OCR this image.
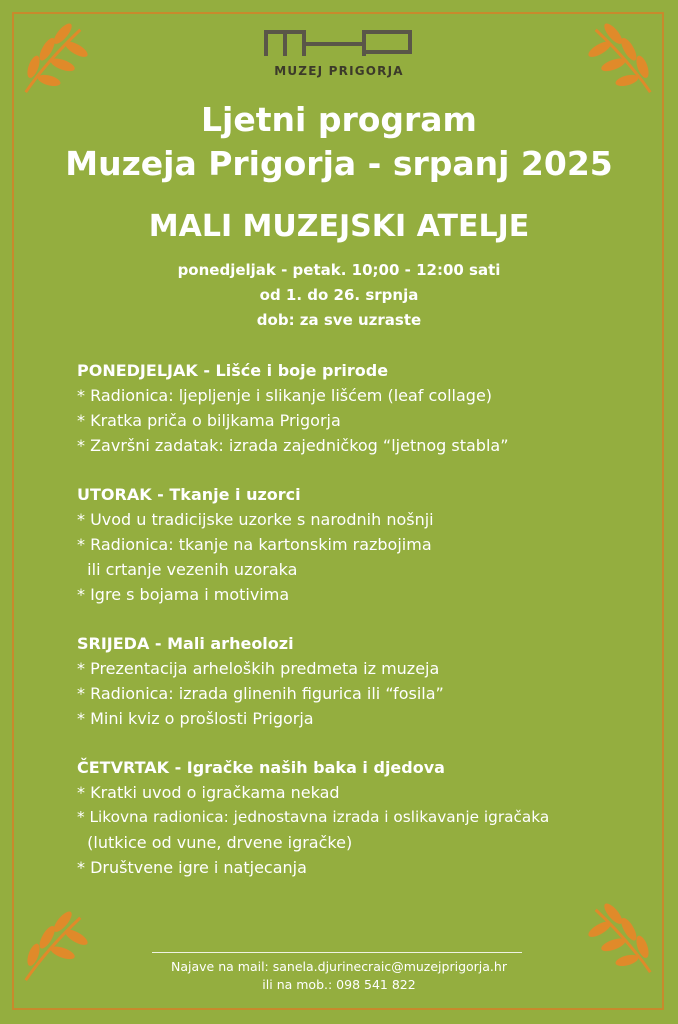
MUZEJ PRIGORJA
Ljetni program
Muzeja Prigorja - srpanj 2025
MALI MUZEJSKI ATELJE
ponedjeljak - petak. 10;00 - 12:00 sati
od 1. do 26. srpnja
dob: za sve uzraste
PONEDJELJAK - Lišće i boje prirode
* Radionica: ljepljenje i slikanje lišćem (leaf collage)
* Kratka priča o biljkama Prigorja
* Završni zadatak: izrada zajedničkog “ljetnog stabla”
UTORAK - Tkanje i uzorci
* Uvod u tradicijske uzorke s narodnih nošnji
* Radionica: tkanje na kartonskim razbojima
ili crtanje vezenih uzoraka
* Igre s bojama i motivima
SRIJEDA - Mali arheolozi
* Prezentacija arheloških predmeta iz muzeja
* Radionica: izrada glinenih figurica ili “fosila”
* Mini kviz o prošlosti Prigorja
ČETVRTAK - Igračke naših baka i djedova
* Kratki uvod o igračkama nekad
* Likovna radionica: jednostavna izrada i oslikavanje igračaka
(lutkice od vune, drvene igračke)
* Društvene igre i natjecanja
Najave na mail: sanela.djurinecraic@muzejprigorja.hr
ili na mob.: 098 541 822
